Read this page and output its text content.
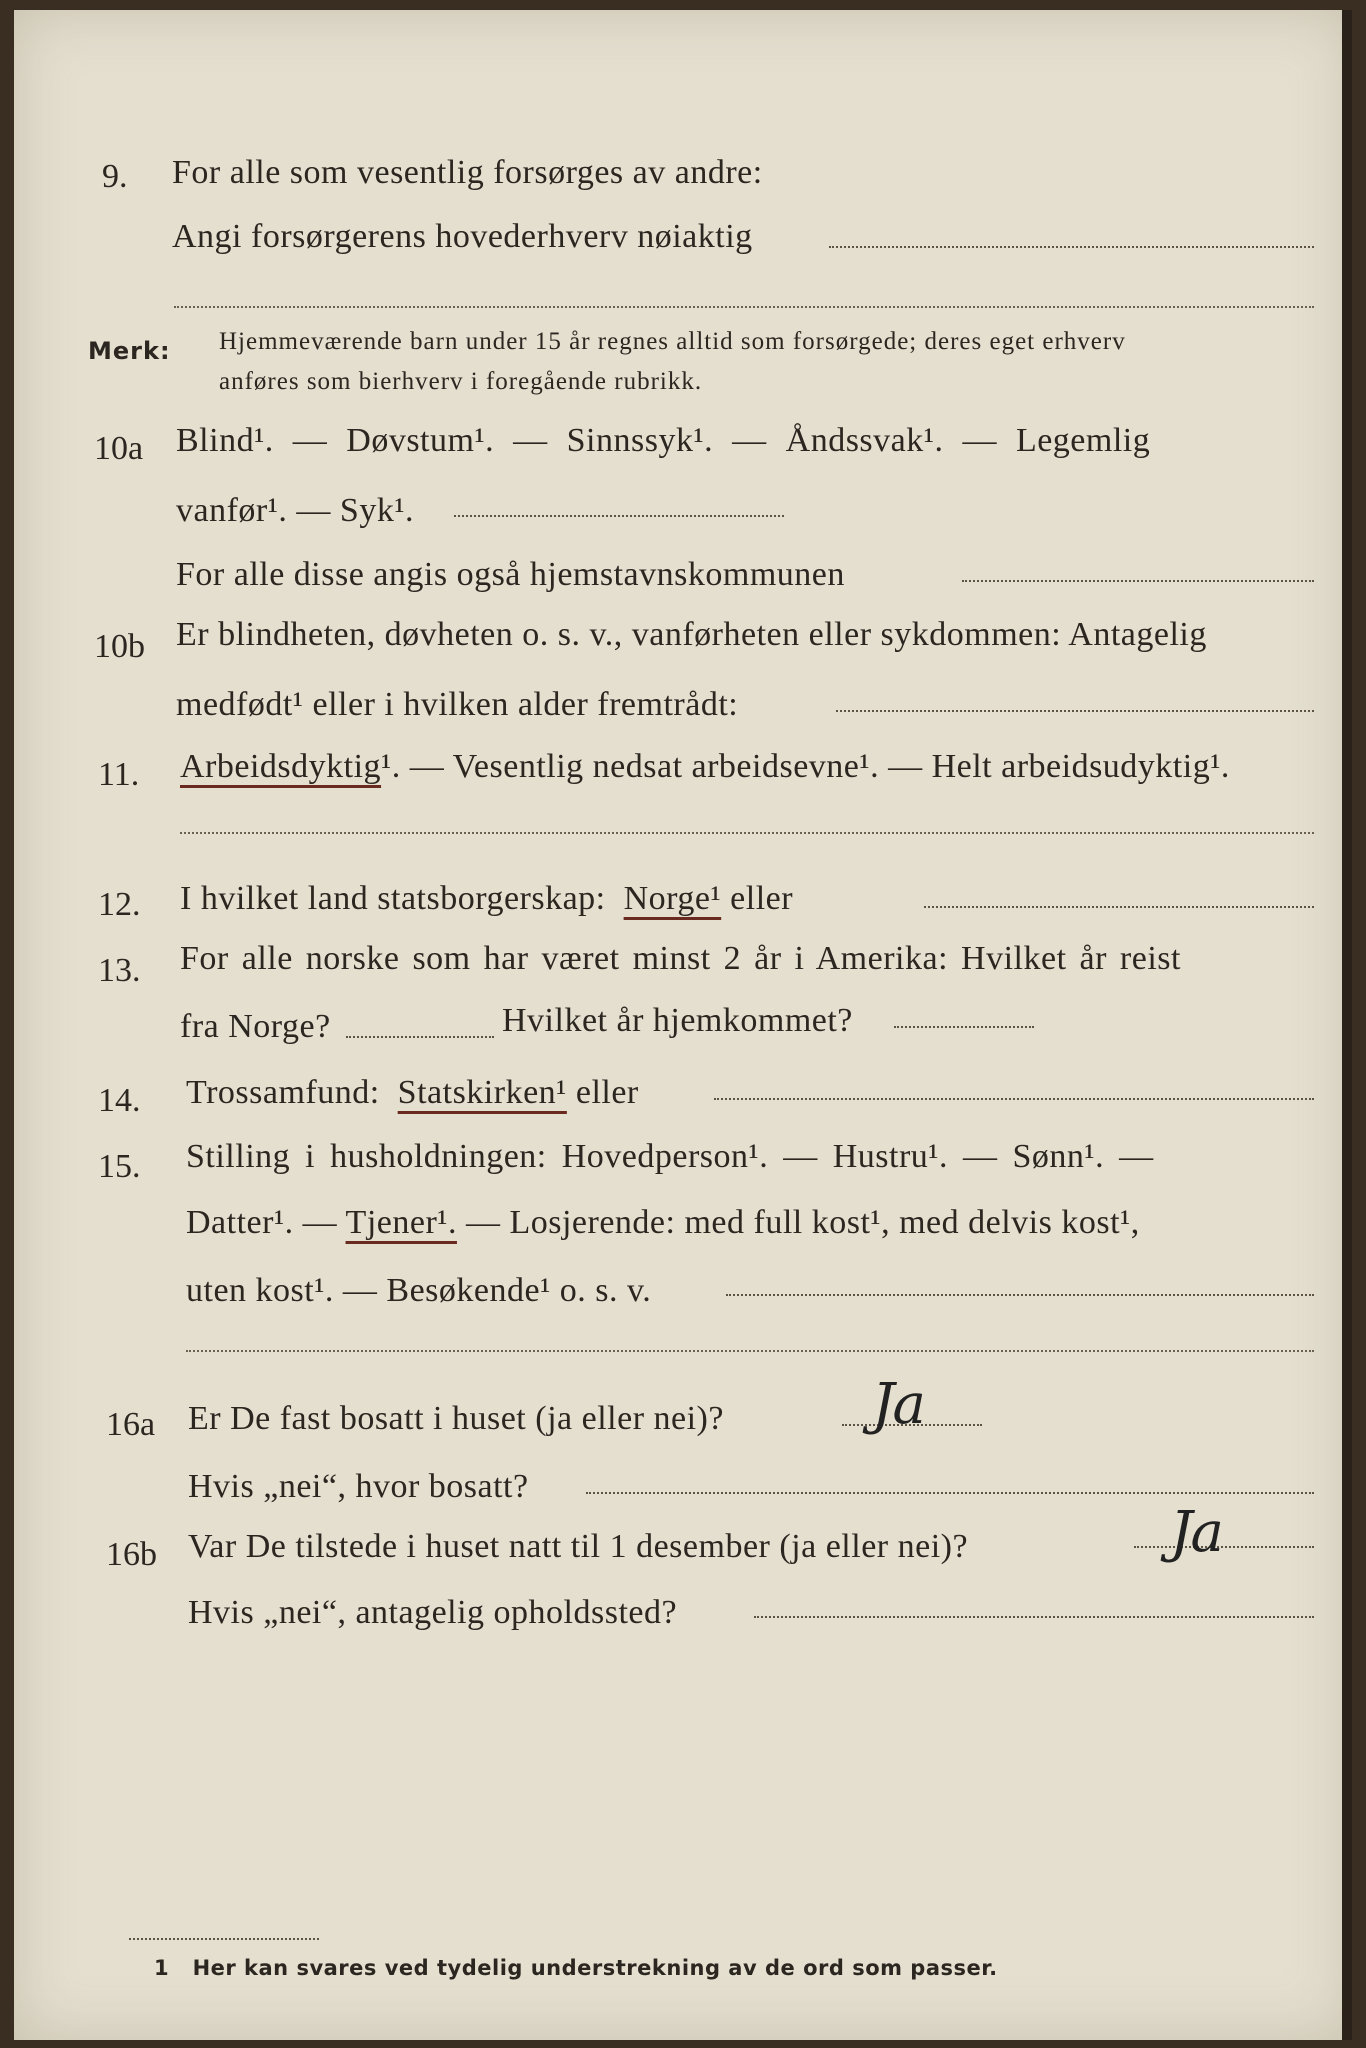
9. For alle som vesentlig forsørges av andre:
Angi forsørgerens hovederhverv nøiaktig
Merk: Hjemmeværende barn under 15 år regnes alltid som forsørgede; deres eget erhverv
anføres som bierhverv i foregående rubrikk.
10a Blind¹. — Døvstum¹. — Sinnssyk¹. — Åndssvak¹. — Legemlig
vanfør¹. — Syk¹.
For alle disse angis også hjemstavnskommunen
10b Er blindheten, døvheten o. s. v., vanførheten eller sykdommen: Antagelig
medfødt¹ eller i hvilken alder fremtrådt:
11. Arbeidsdyktig¹. — Vesentlig nedsat arbeidsevne¹. — Helt arbeidsudyktig¹.
12. I hvilket land statsborgerskap: Norge¹ eller
13. For alle norske som har været minst 2 år i Amerika: Hvilket år reist
fra Norge?	Hvilket år hjemkommet?
14. Trossamfund: Statskirken¹ eller
15. Stilling i husholdningen: Hovedperson¹. — Hustru¹. — Sønn¹. —
Datter¹. — Tjener¹. — Losjerende: med full kost¹, med delvis kost¹,
uten kost¹. — Besøkende¹ o. s. v.
16a Er De fast bosatt i huset (ja eller nei)?	Ja
Hvis „nei“, hvor bosatt?
16b Var De tilstede i huset natt til 1 desember (ja eller nei)?	Ja
Hvis „nei“, antagelig opholdssted?
1 Her kan svares ved tydelig understrekning av de ord som passer.
